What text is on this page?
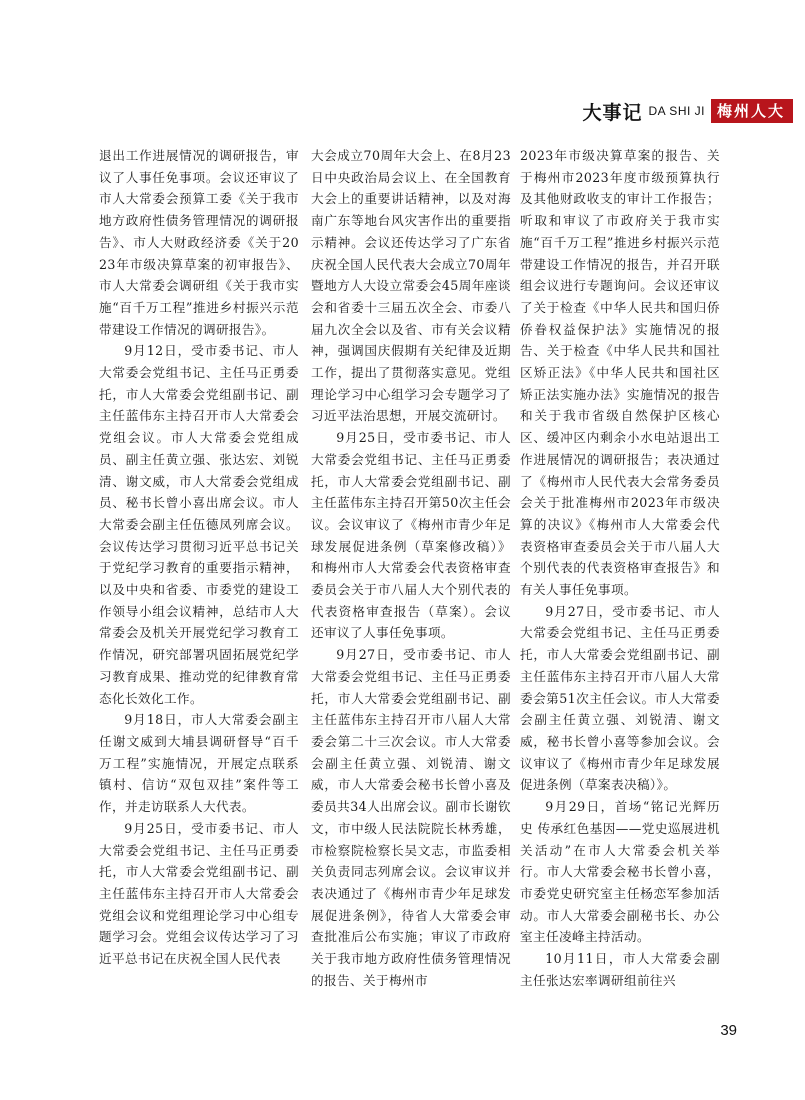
大事记 DA SHI JI 梅州人大

退出工作进展情况的调研报告，审议了人事任免事项。会议还审议了市人大常委会预算工委《关于我市地方政府性债务管理情况的调研报告》、市人大财政经济委《关于2023年市级决算草案的初审报告》、市人大常委会调研组《关于我市实施“百千万工程”推进乡村振兴示范带建设工作情况的调研报告》。

9月12日，受市委书记、市人大常委会党组书记、主任马正勇委托，市人大常委会党组副书记、副主任蓝伟东主持召开市人大常委会党组会议。市人大常委会党组成员、副主任黄立强、张达宏、刘锐清、谢文威，市人大常委会党组成员、秘书长曾小喜出席会议。市人大常委会副主任伍德凤列席会议。会议传达学习贯彻习近平总书记关于党纪学习教育的重要指示精神，以及中央和省委、市委党的建设工作领导小组会议精神，总结市人大常委会及机关开展党纪学习教育工作情况，研究部署巩固拓展党纪学习教育成果、推动党的纪律教育常态化长效化工作。

9月18日，市人大常委会副主任谢文威到大埔县调研督导“百千万工程”实施情况，开展定点联系镇村、信访“双包双挂”案件等工作，并走访联系人大代表。

9月25日，受市委书记、市人大常委会党组书记、主任马正勇委托，市人大常委会党组副书记、副主任蓝伟东主持召开市人大常委会党组会议和党组理论学习中心组专题学习会。党组会议传达学习了习近平总书记在庆祝全国人民代表

大会成立70周年大会上、在8月23日中央政治局会议上、在全国教育大会上的重要讲话精神，以及对海南广东等地台风灾害作出的重要指示精神。会议还传达学习了广东省庆祝全国人民代表大会成立70周年暨地方人大设立常委会45周年座谈会和省委十三届五次全会、市委八届九次全会以及省、市有关会议精神，强调国庆假期有关纪律及近期工作，提出了贯彻落实意见。党组理论学习中心组学习会专题学习了习近平法治思想，开展交流研讨。

9月25日，受市委书记、市人大常委会党组书记、主任马正勇委托，市人大常委会党组副书记、副主任蓝伟东主持召开第50次主任会议。会议审议了《梅州市青少年足球发展促进条例（草案修改稿）》和梅州市人大常委会代表资格审查委员会关于市八届人大个别代表的代表资格审查报告（草案）。会议还审议了人事任免事项。

9月27日，受市委书记、市人大常委会党组书记、主任马正勇委托，市人大常委会党组副书记、副主任蓝伟东主持召开市八届人大常委会第二十三次会议。市人大常委会副主任黄立强、刘锐清、谢文威，市人大常委会秘书长曾小喜及委员共34人出席会议。副市长谢钦文，市中级人民法院院长林秀雄，市检察院检察长吴文志，市监委相关负责同志列席会议。会议审议并表决通过了《梅州市青少年足球发展促进条例》，待省人大常委会审查批准后公布实施；审议了市政府关于我市地方政府性债务管理情况的报告、关于梅州市

2023年市级决算草案的报告、关于梅州市2023年度市级预算执行及其他财政收支的审计工作报告；听取和审议了市政府关于我市实施“百千万工程”推进乡村振兴示范带建设工作情况的报告，并召开联组会议进行专题询问。会议还审议了关于检查《中华人民共和国归侨侨眷权益保护法》实施情况的报告、关于检查《中华人民共和国社区矫正法》《中华人民共和国社区矫正法实施办法》实施情况的报告和关于我市省级自然保护区核心区、缓冲区内剩余小水电站退出工作进展情况的调研报告；表决通过了《梅州市人民代表大会常务委员会关于批准梅州市2023年市级决算的决议》《梅州市人大常委会代表资格审查委员会关于市八届人大个别代表的代表资格审查报告》和有关人事任免事项。

9月27日，受市委书记、市人大常委会党组书记、主任马正勇委托，市人大常委会党组副书记、副主任蓝伟东主持召开市八届人大常委会第51次主任会议。市人大常委会副主任黄立强、刘锐清、谢文威，秘书长曾小喜等参加会议。会议审议了《梅州市青少年足球发展促进条例（草案表决稿）》。

9月29日，首场“铭记光辉历史 传承红色基因——党史巡展进机关活动”在市人大常委会机关举行。市人大常委会秘书长曾小喜，市委党史研究室主任杨恋军参加活动。市人大常委会副秘书长、办公室主任凌峰主持活动。

10月11日，市人大常委会副主任张达宏率调研组前往兴

39
